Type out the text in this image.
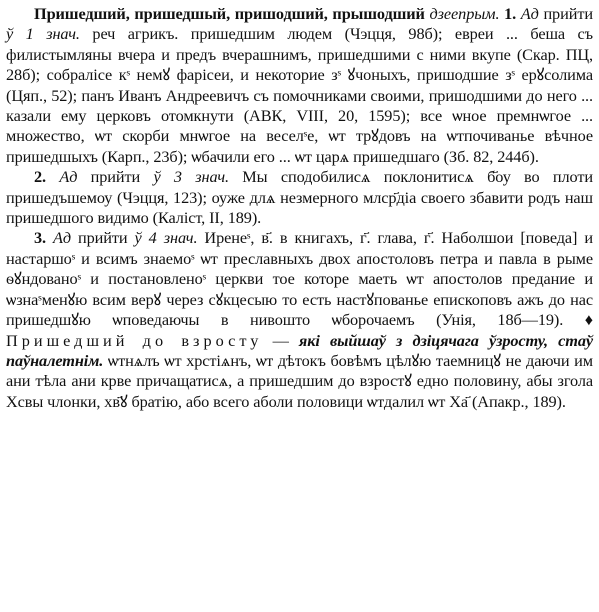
Пришедший, пришедшый, пришодший, прышодший дзеепрым. 1. Ад прийти ў 1 знач. реч агрикъ. пришедшим людем (Чэцця, 98б); евреи ... беша съ филистымляны вчера и предъ вчерашнимъ, пришедшими с ними вкупе (Скар. ПЦ, 28б); собралісе кˢ немꙋ фарісеи, и некоторие зˢ ꙋчоныхъ, пришодшие зˢ ерꙋсолима (Цяп., 52); панъ Иванъ Андреевичъ съ помочниками своими, пришодшими до него ... казали ему церковъ отомкнути (АВК, VIII, 20, 1595); все ѡное премнѡгое ... множество, ѡт скорби мнѡгое на веселˢе, ѡт трꙋдовъ на ѡтпочиванье вѣчное пришедшыхъ (Карп., 23б); ѡбачили его ... ѡт царѧ пришедшаго (Зб. 82, 244б).

2. Ад прийти ў 3 знач. Мы сподобилисѧ поклонитисѧ б҃оу во плоти пришедъшемоу (Чэцця, 123); оуже длѧ незмерного млср҃діа своего збавити родъ наш пришедшого видимо (Каліст, II, 189).

3. Ад прийти ў 4 знач. Иренеˢ, в҃. в книгахъ, г҃. глава, г҃. Наболшои [поведа] и настаршоˢ и всимъ знаемоˢ ѡт преславныхъ двох апостоловъ петра и павла в рыме ѳꙋндованоˢ и постановленоˢ церкви тое которе маеть ѡт апостолов предание и ѡзнаˢменꙋю всим верꙋ через сꙋкцесыю то есть настꙋпованье епископовъ ажъ до нас пришедшꙋю ѡповедаючы в нивошто ѡборочаемъ (Унія, 18б—19). ♦ Пришедший до взросту — які выйшаў з дзіцячага ўзросту, стаў паўналетнім. ѡтнѧлъ ѡт хрстіѧнъ, ѡт дѣтокъ бовѣмъ цѣлꙋю таемницꙋ не даючи им ани тѣла ани крве причащатисѧ, а пришедшим до взростꙋ едно половину, абы згола Хсвы члонки, хв҃ꙋ братію, або всего аболи половици ѡтдалил ѡт Ха҃ (Апакр., 189).
